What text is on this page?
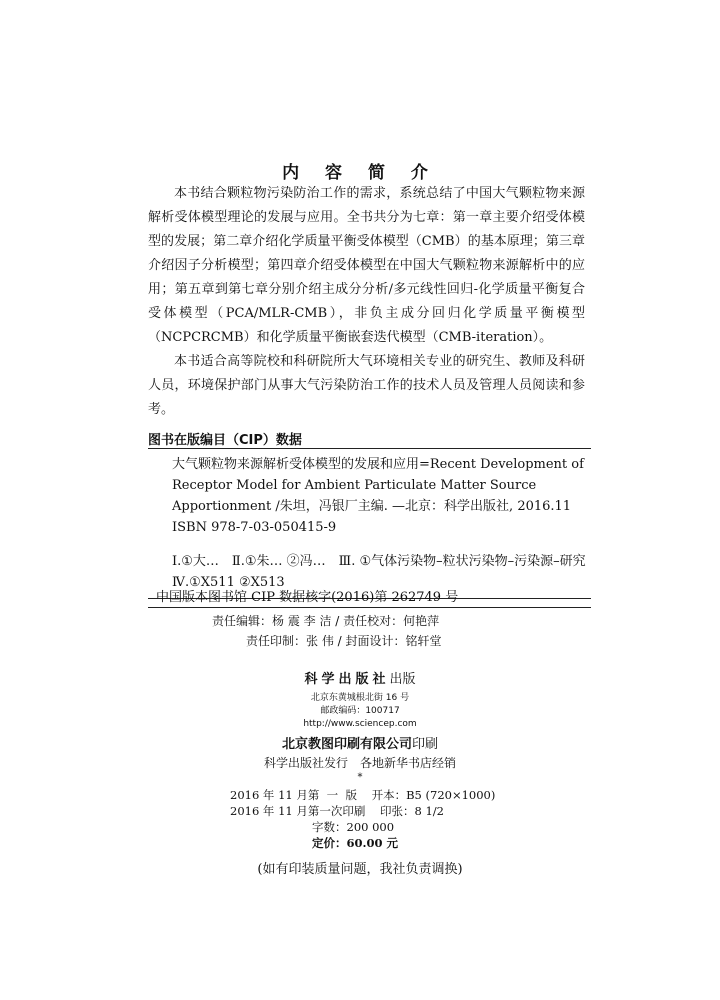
内 容 简 介

本书结合颗粒物污染防治工作的需求，系统总结了中国大气颗粒物来源解析受体模型理论的发展与应用。全书共分为七章：第一章主要介绍受体模型的发展；第二章介绍化学质量平衡受体模型（CMB）的基本原理；第三章介绍因子分析模型；第四章介绍受体模型在中国大气颗粒物来源解析中的应用；第五章到第七章分别介绍主成分分析/多元线性回归-化学质量平衡复合受体模型（PCA/MLR-CMB），非负主成分回归化学质量平衡模型（NCPCRCMB）和化学质量平衡嵌套迭代模型（CMB-iteration）。

本书适合高等院校和科研院所大气环境相关专业的研究生、教师及科研人员，环境保护部门从事大气污染防治工作的技术人员及管理人员阅读和参考。

图书在版编目（CIP）数据
大气颗粒物来源解析受体模型的发展和应用=Recent Development of Receptor Model for Ambient Particulate Matter Source Apportionment /朱坦，冯银厂主编. —北京：科学出版社, 2016.11
ISBN 978-7-03-050415-9
Ⅰ.①大…　Ⅱ.①朱… ②冯…　Ⅲ. ①气体污染物–粒状污染物–污染源–研究　Ⅳ.①X511 ②X513
中国版本图书馆 CIP 数据核字(2016)第 262749 号
责任编辑：杨 震 李 洁 / 责任校对：何艳萍
责任印制：张 伟 / 封面设计：铭轩堂
科学出版社出版
北京东黄城根北街 16 号
邮政编码：100717
http://www.sciencep.com
北京教图印刷有限公司印刷
科学出版社发行　各地新华书店经销
*
2016 年 11 月第  一  版    开本：B5 (720×1000)
2016 年 11 月第一次印刷    印张：8 1/2
字数：200 000
定价：60.00 元
(如有印装质量问题，我社负责调换)
